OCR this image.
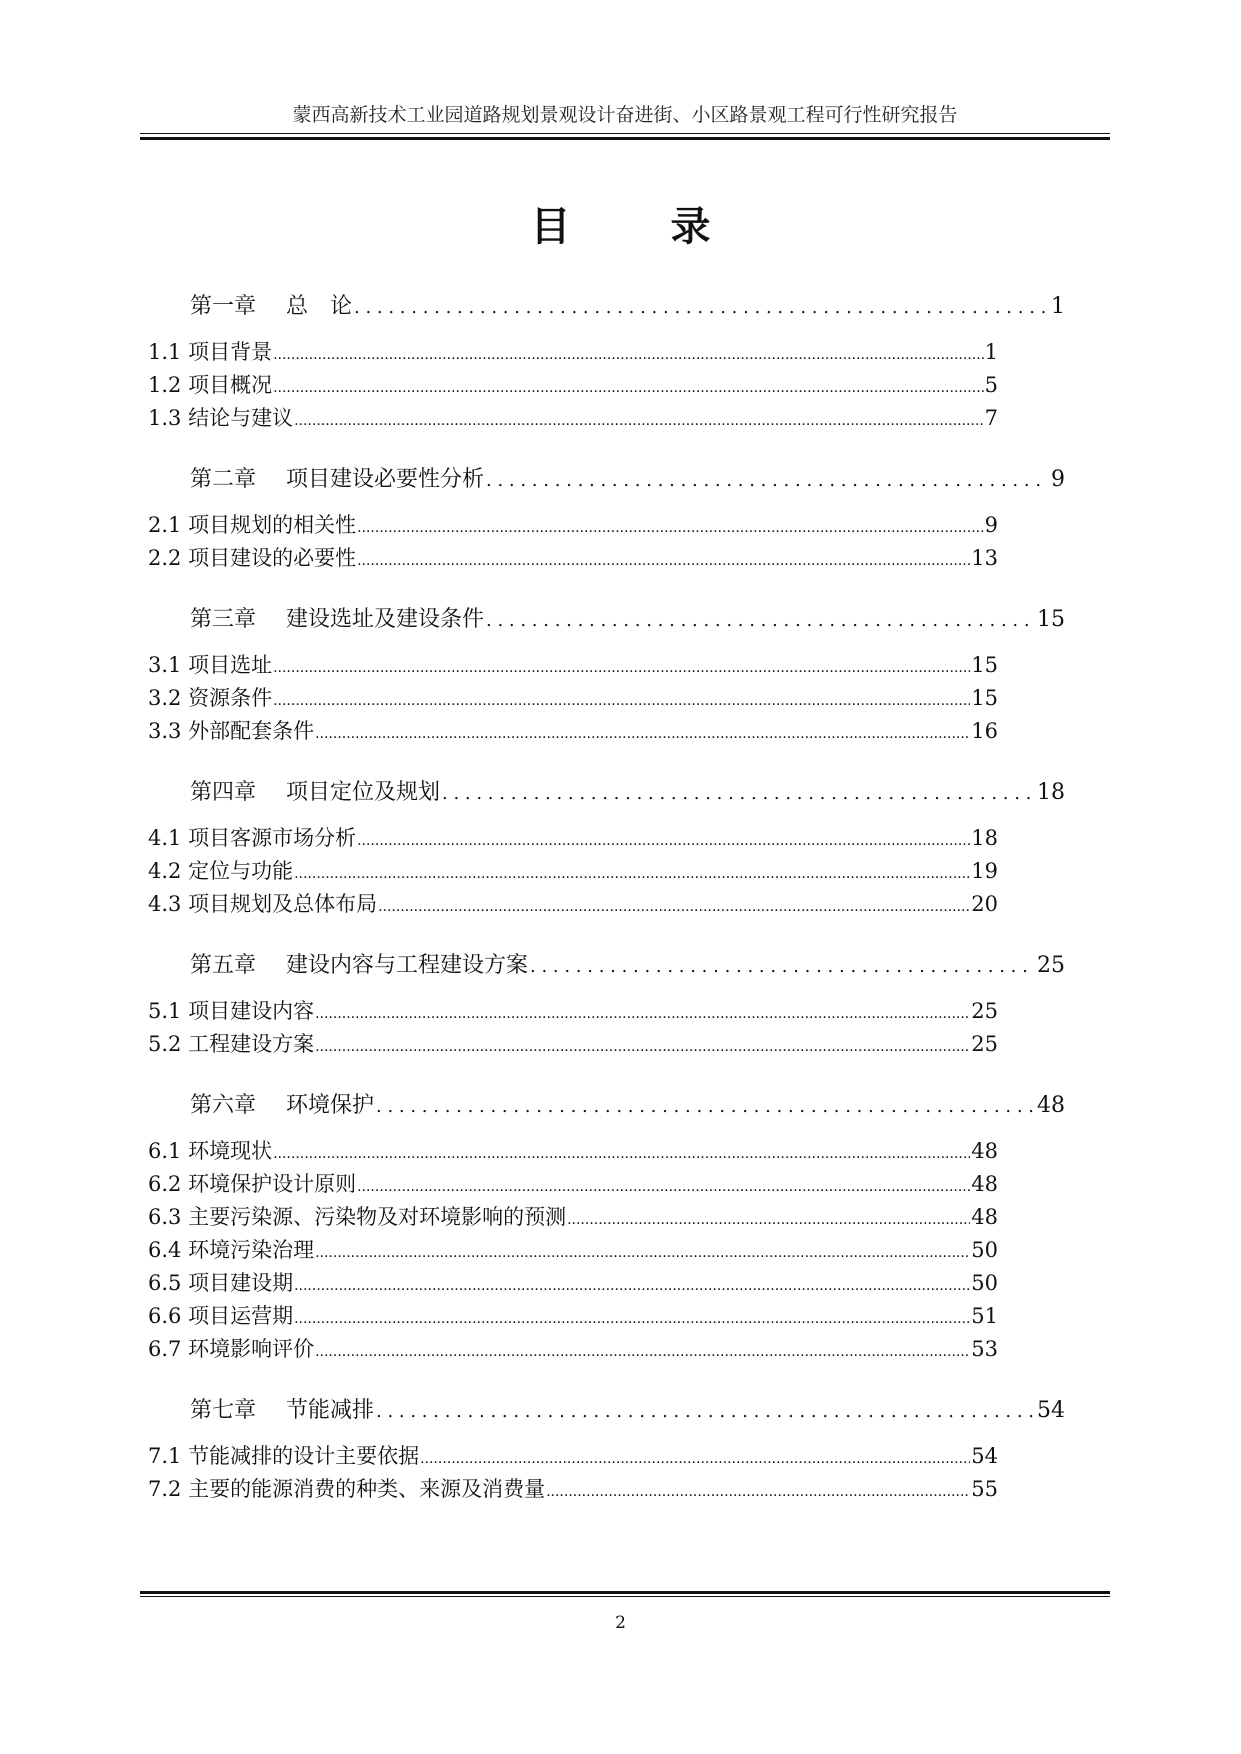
蒙西高新技术工业园道路规划景观设计奋进街、小区路景观工程可行性研究报告
目	录
第一章 总　论 . . .	1
1.1 项目背景 .....	1
1.2 项目概况 .....	5
1.3 结论与建议 .....	7
第二章 项目建设必要性分析 . . .	9
2.1 项目规划的相关性 .....	9
2.2 项目建设的必要性 .....	13
第三章 建设选址及建设条件 . . .	15
3.1 项目选址 .....	15
3.2 资源条件 .....	15
3.3 外部配套条件 .....	16
第四章 项目定位及规划 . . .	18
4.1 项目客源市场分析 .....	18
4.2 定位与功能 .....	19
4.3 项目规划及总体布局 .....	20
第五章 建设内容与工程建设方案 . . .	25
5.1 项目建设内容 .....	25
5.2 工程建设方案 .....	25
第六章 环境保护 . . .	48
6.1 环境现状 .....	48
6.2 环境保护设计原则 .....	48
6.3 主要污染源、污染物及对环境影响的预测 .....	48
6.4 环境污染治理 .....	50
6.5 项目建设期 .....	50
6.6 项目运营期 .....	51
6.7 环境影响评价 .....	53
第七章 节能减排 . . .	54
7.1 节能减排的设计主要依据 .....	54
7.2 主要的能源消费的种类、来源及消费量 .....	55
2
